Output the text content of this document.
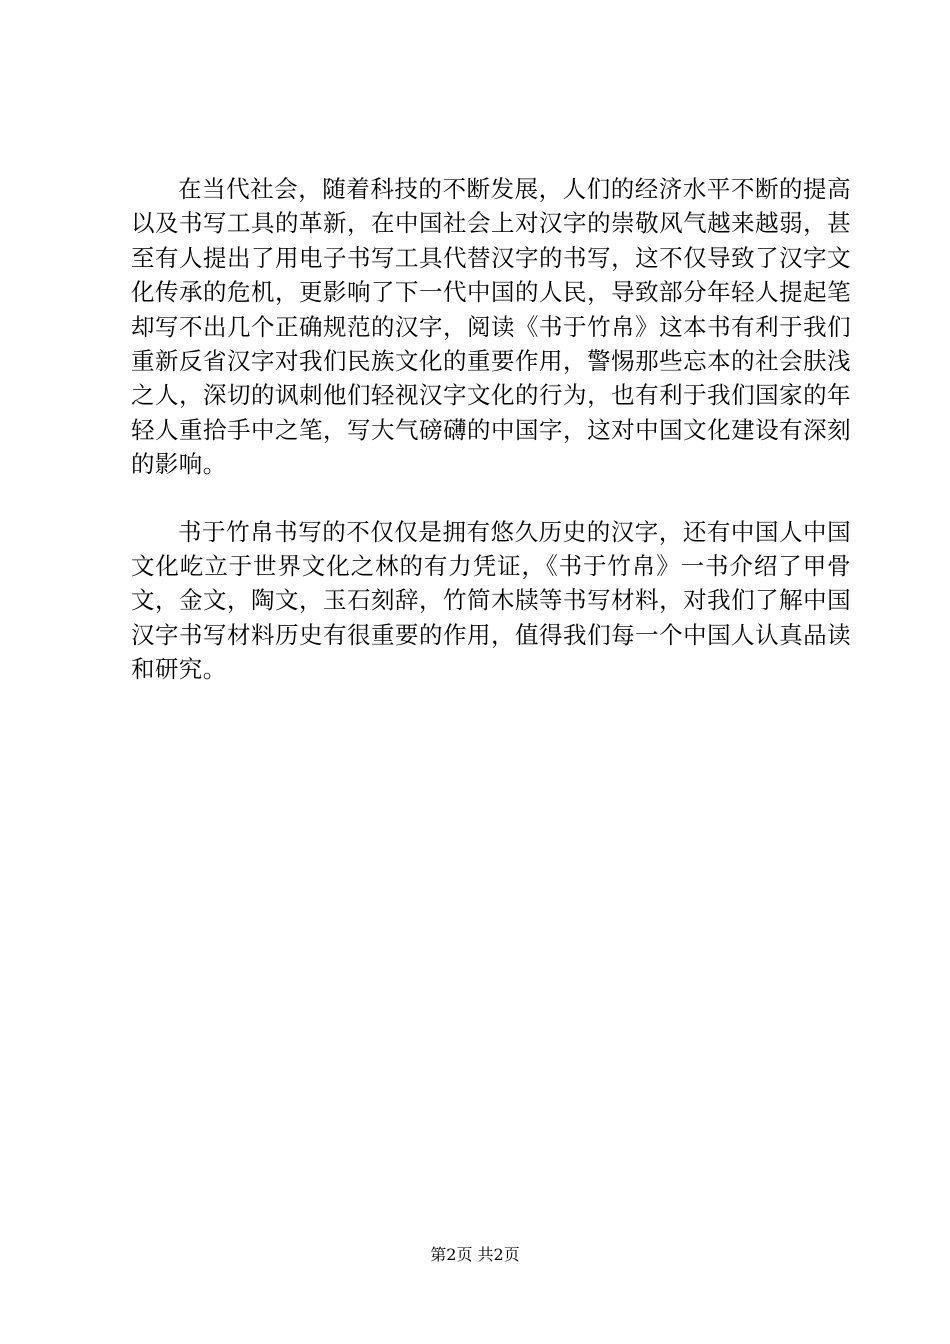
在当代社会，随着科技的不断发展，人们的经济水平不断的提高以及书写工具的革新，在中国社会上对汉字的崇敬风气越来越弱，甚至有人提出了用电子书写工具代替汉字的书写，这不仅导致了汉字文化传承的危机，更影响了下一代中国的人民，导致部分年轻人提起笔却写不出几个正确规范的汉字，阅读《书于竹帛》这本书有利于我们重新反省汉字对我们民族文化的重要作用，警惕那些忘本的社会肤浅之人，深切的讽刺他们轻视汉字文化的行为，也有利于我们国家的年轻人重拾手中之笔，写大气磅礴的中国字，这对中国文化建设有深刻的影响。

书于竹帛书写的不仅仅是拥有悠久历史的汉字，还有中国人中国文化屹立于世界文化之林的有力凭证，《书于竹帛》一书介绍了甲骨文，金文，陶文，玉石刻辞，竹简木牍等书写材料，对我们了解中国汉字书写材料历史有很重要的作用，值得我们每一个中国人认真品读和研究。

第2页 共2页
